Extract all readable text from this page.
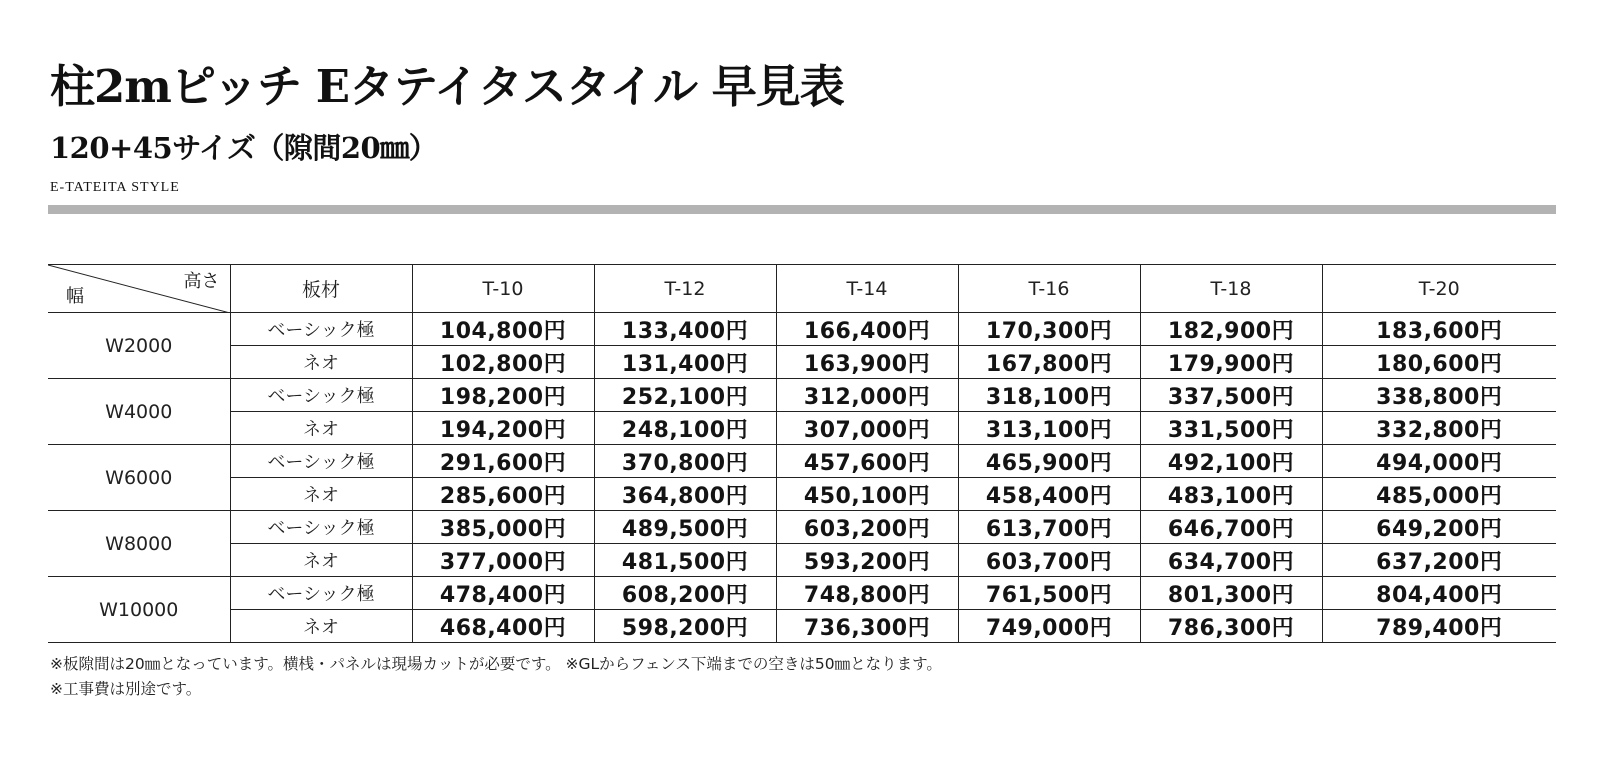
柱2mピッチ Eタテイタスタイル 早見表
120+45サイズ（隙間20㎜）
E-TATEITA STYLE
高さ
幅	板材	T-10	T-12	T-14	T-16	T-18	T-20
W2000	ベーシック極	104,800円	133,400円	166,400円	170,300円	182,900円	183,600円
	ネオ	102,800円	131,400円	163,900円	167,800円	179,900円	180,600円
W4000	ベーシック極	198,200円	252,100円	312,000円	318,100円	337,500円	338,800円
	ネオ	194,200円	248,100円	307,000円	313,100円	331,500円	332,800円
W6000	ベーシック極	291,600円	370,800円	457,600円	465,900円	492,100円	494,000円
	ネオ	285,600円	364,800円	450,100円	458,400円	483,100円	485,000円
W8000	ベーシック極	385,000円	489,500円	603,200円	613,700円	646,700円	649,200円
	ネオ	377,000円	481,500円	593,200円	603,700円	634,700円	637,200円
W10000	ベーシック極	478,400円	608,200円	748,800円	761,500円	801,300円	804,400円
	ネオ	468,400円	598,200円	736,300円	749,000円	786,300円	789,400円
※板隙間は20㎜となっています。横桟・パネルは現場カットが必要です。 ※GLからフェンス下端までの空きは50㎜となります。
※工事費は別途です。
